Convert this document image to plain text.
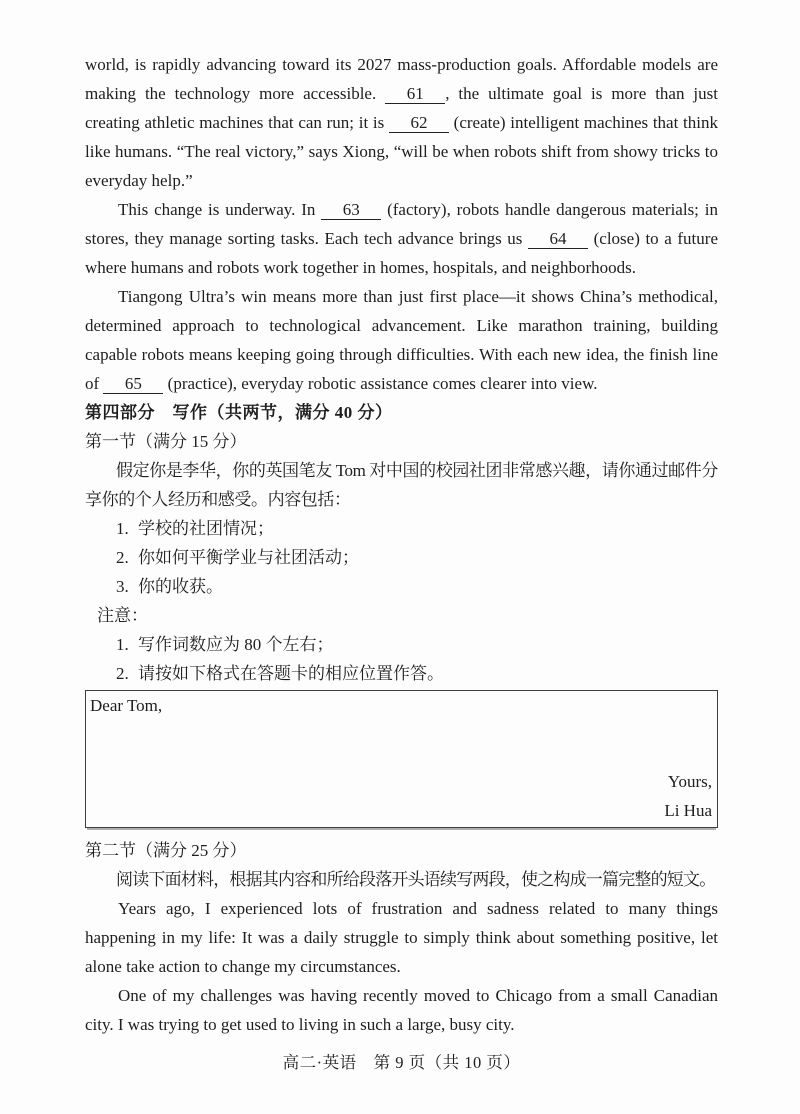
world, is rapidly advancing toward its 2027 mass-production goals. Affordable models are making the technology more accessible. 61 , the ultimate goal is more than just creating athletic machines that can run; it is 62 (create) intelligent machines that think like humans. “The real victory,” says Xiong, “will be when robots shift from showy tricks to everyday help.”

This change is underway. In 63 (factory), robots handle dangerous materials; in stores, they manage sorting tasks. Each tech advance brings us 64 (close) to a future where humans and robots work together in homes, hospitals, and neighborhoods.

Tiangong Ultra’s win means more than just first place—it shows China’s methodical, determined approach to technological advancement. Like marathon training, building capable robots means keeping going through difficulties. With each new idea, the finish line of 65 (practice), everyday robotic assistance comes clearer into view.

第四部分　写作（共两节，满分 40 分）
第一节（满分 15 分）

假定你是李华，你的英国笔友 Tom 对中国的校园社团非常感兴趣，请你通过邮件分享你的个人经历和感受。内容包括：

1. 学校的社团情况；
2. 你如何平衡学业与社团活动；
3. 你的收获。
注意：
1. 写作词数应为 80 个左右；
2. 请按如下格式在答题卡的相应位置作答。
Dear Tom,
Yours,
Li Hua
第二节（满分 25 分）

阅读下面材料，根据其内容和所给段落开头语续写两段，使之构成一篇完整的短文。

Years ago, I experienced lots of frustration and sadness related to many things happening in my life: It was a daily struggle to simply think about something positive, let alone take action to change my circumstances.

One of my challenges was having recently moved to Chicago from a small Canadian city. I was trying to get used to living in such a large, busy city.

高二·英语　第 9 页（共 10 页）
